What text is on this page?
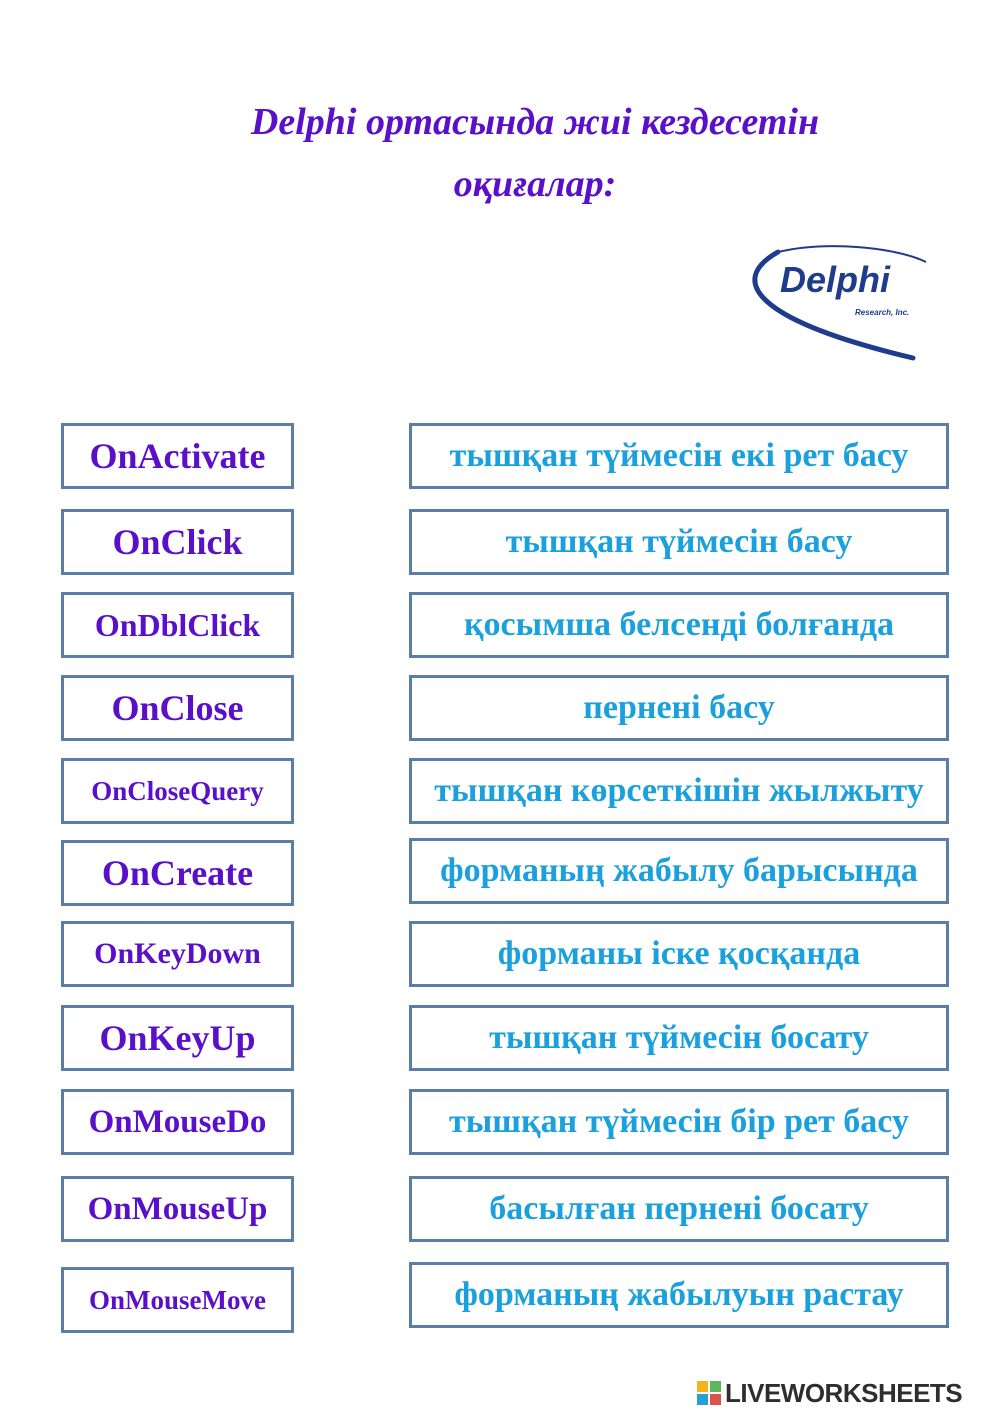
Delphi ортасында жиі кездесетін
оқиғалар:
Delphi
Research, Inc.
OnActivate
OnClick
OnDblClick
OnClose
OnCloseQuery
OnCreate
OnKeyDown
OnKeyUp
OnMouseDo
OnMouseUp
OnMouseMove
тышқан түймесін екі рет басу
тышқан түймесін басу
қосымша белсенді болғанда
пернені басу
тышқан көрсеткішін жылжыту
форманың жабылу барысында
форманы іске қосқанда
тышқан түймесін босату
тышқан түймесін бір рет басу
басылған пернені босату
форманың жабылуын растау
LIVEWORKSHEETS
